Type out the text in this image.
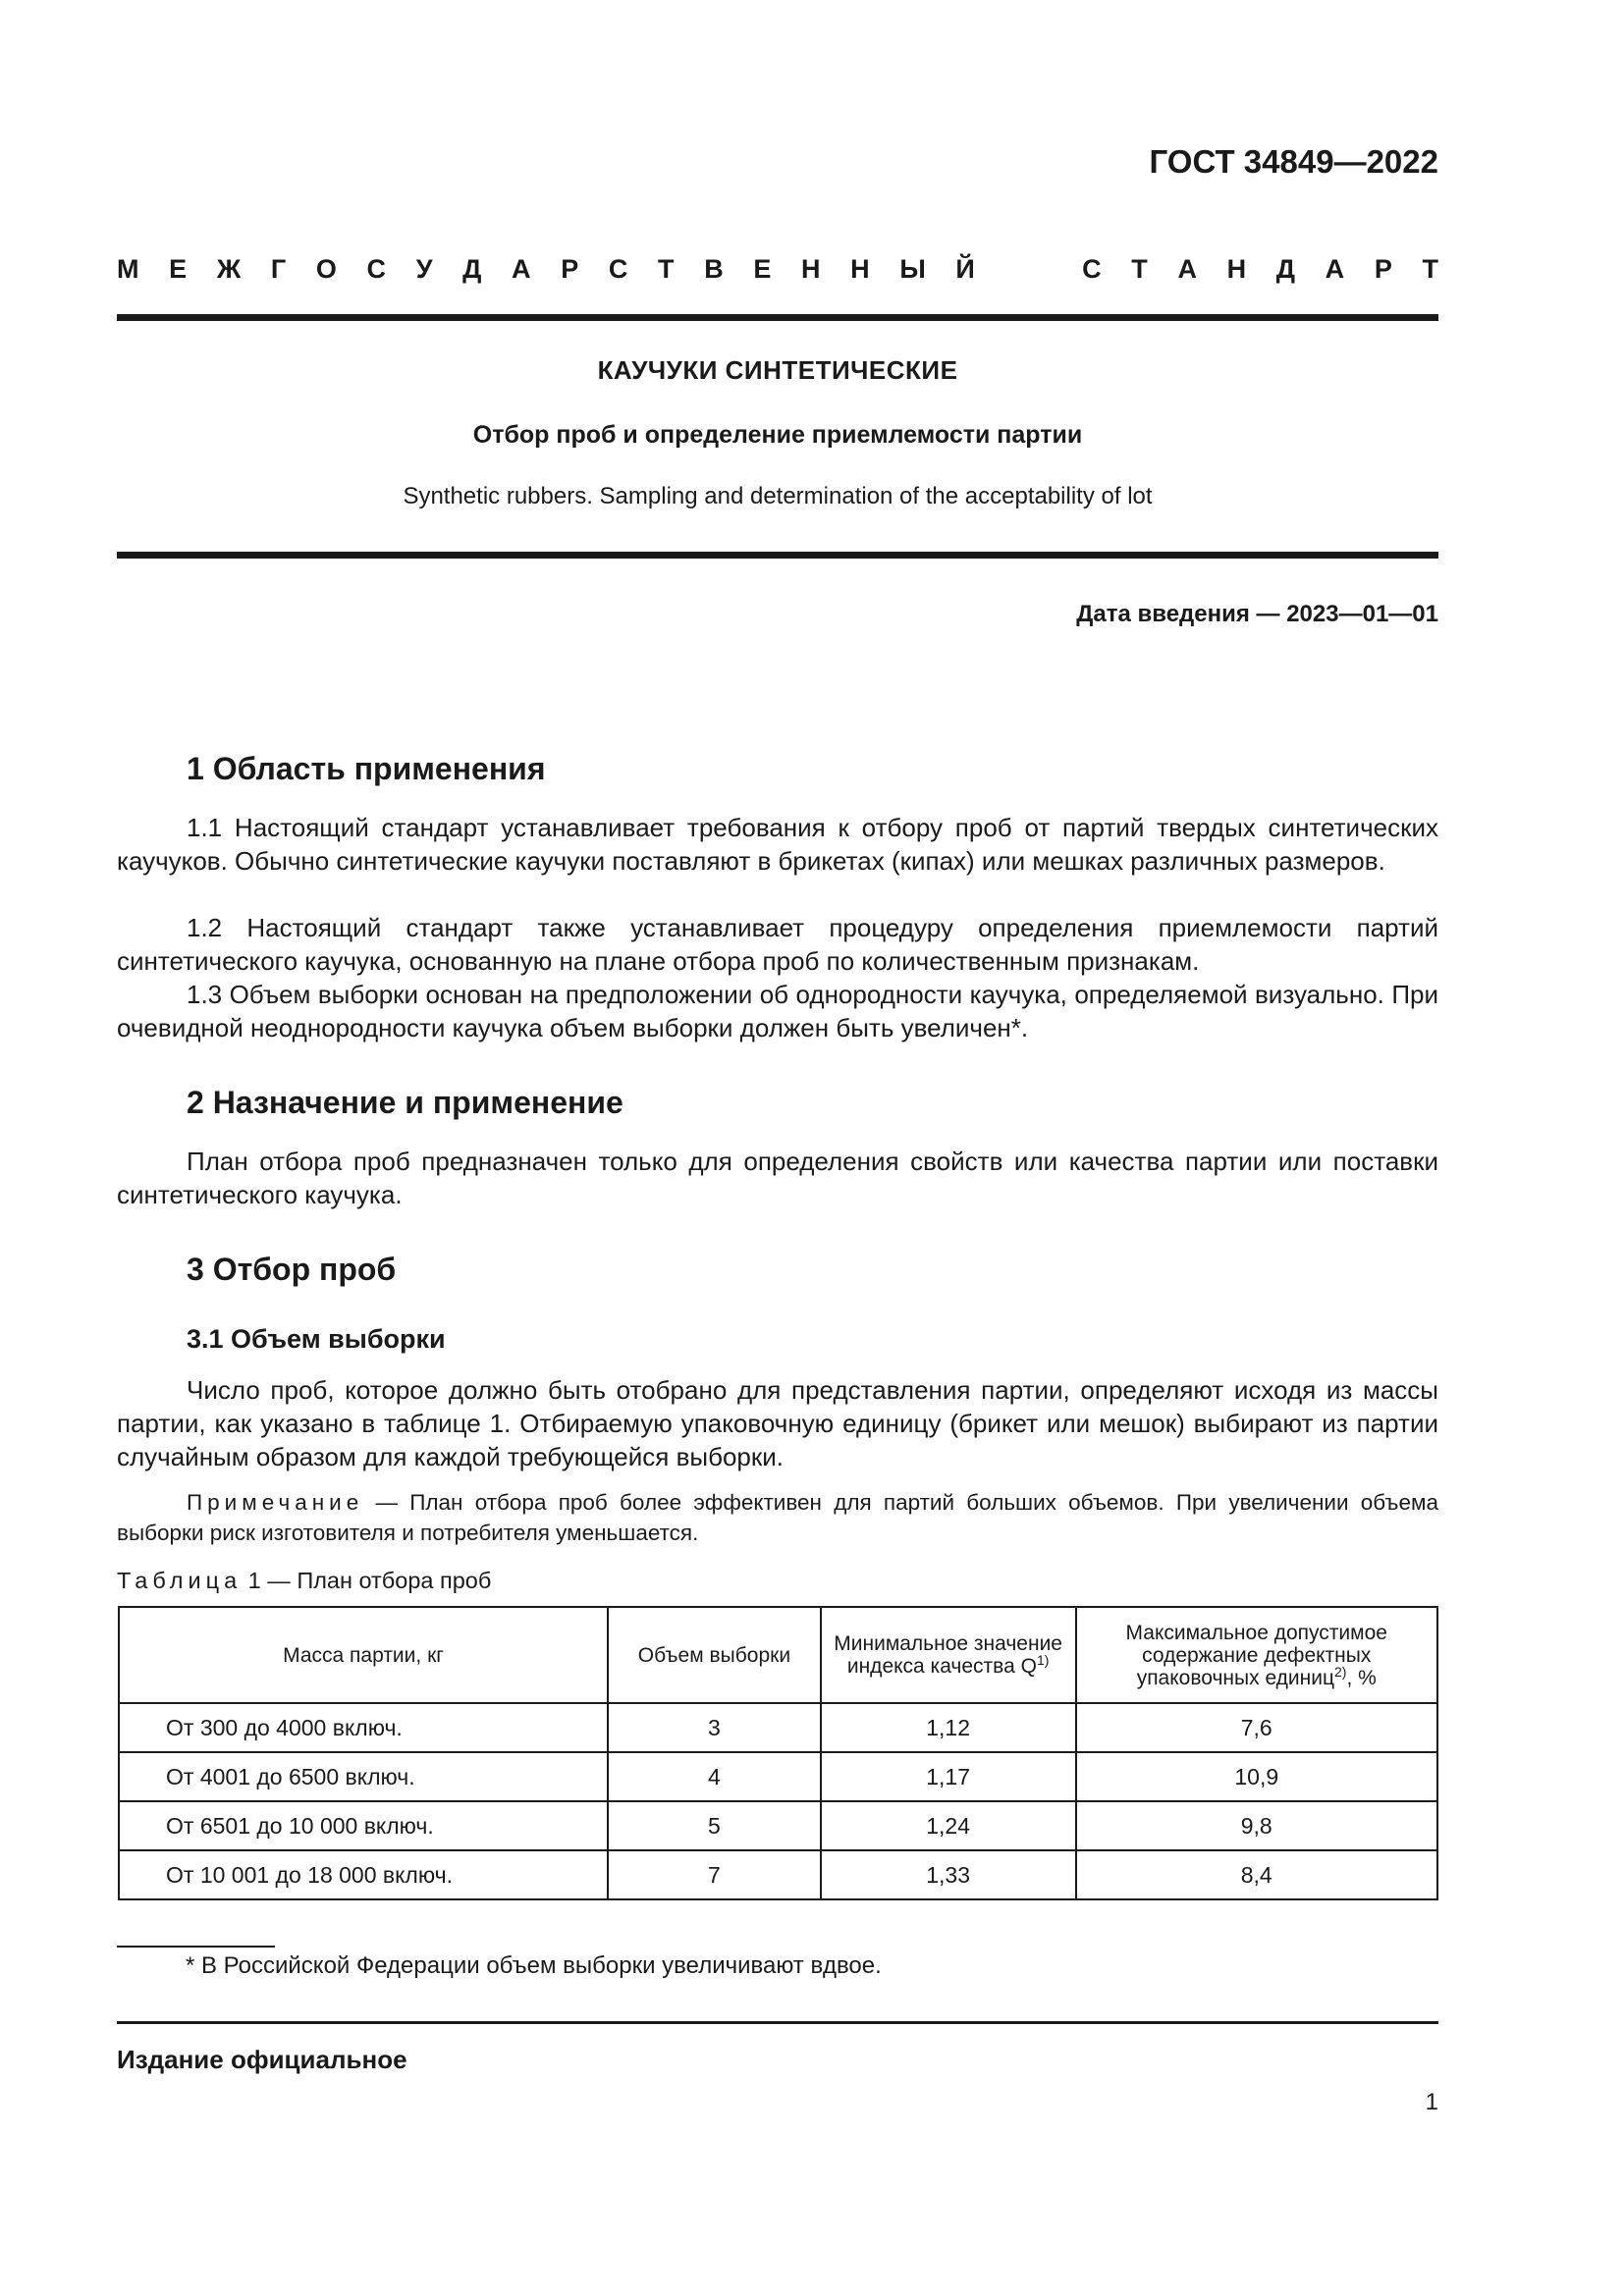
ГОСТ 34849—2022
М Е Ж Г О С У Д А Р С Т В Е Н Н Ы Й	С Т А Н Д А Р Т
КАУЧУКИ СИНТЕТИЧЕСКИЕ
Отбор проб и определение приемлемости партии
Synthetic rubbers. Sampling and determination of the acceptability of lot
Дата введения — 2023—01—01
1 Область применения

1.1 Настоящий стандарт устанавливает требования к отбору проб от партий твердых синтетических каучуков. Обычно синтетические каучуки поставляют в брикетах (кипах) или мешках различных размеров.

1.2 Настоящий стандарт также устанавливает процедуру определения приемлемости партий синтетического каучука, основанную на плане отбора проб по количественным признакам.

1.3 Объем выборки основан на предположении об однородности каучука, определяемой визуально. При очевидной неоднородности каучука объем выборки должен быть увеличен*.

2 Назначение и применение

План отбора проб предназначен только для определения свойств или качества партии или поставки синтетического каучука.

3 Отбор проб
3.1 Объем выборки

Число проб, которое должно быть отобрано для представления партии, определяют исходя из массы партии, как указано в таблице 1. Отбираемую упаковочную единицу (брикет или мешок) выбирают из партии случайным образом для каждой требующейся выборки.

Примечание — План отбора проб более эффективен для партий больших объемов. При увеличении объема выборки риск изготовителя и потребителя уменьшается.

Таблица 1 — План отбора проб
Масса партии, кг	Объем выборки	Минимальное значение индекса качества $Q^{1)}$	Максимальное допустимое содержание дефектных упаковочных единиц$^{2)}$, %
От 300 до 4000 включ.	3	1,12	7,6
От 4001 до 6500 включ.	4	1,17	10,9
От 6501 до 10 000 включ.	5	1,24	9,8
От 10 001 до 18 000 включ.	7	1,33	8,4
* В Российской Федерации объем выборки увеличивают вдвое.
Издание официальное
1
